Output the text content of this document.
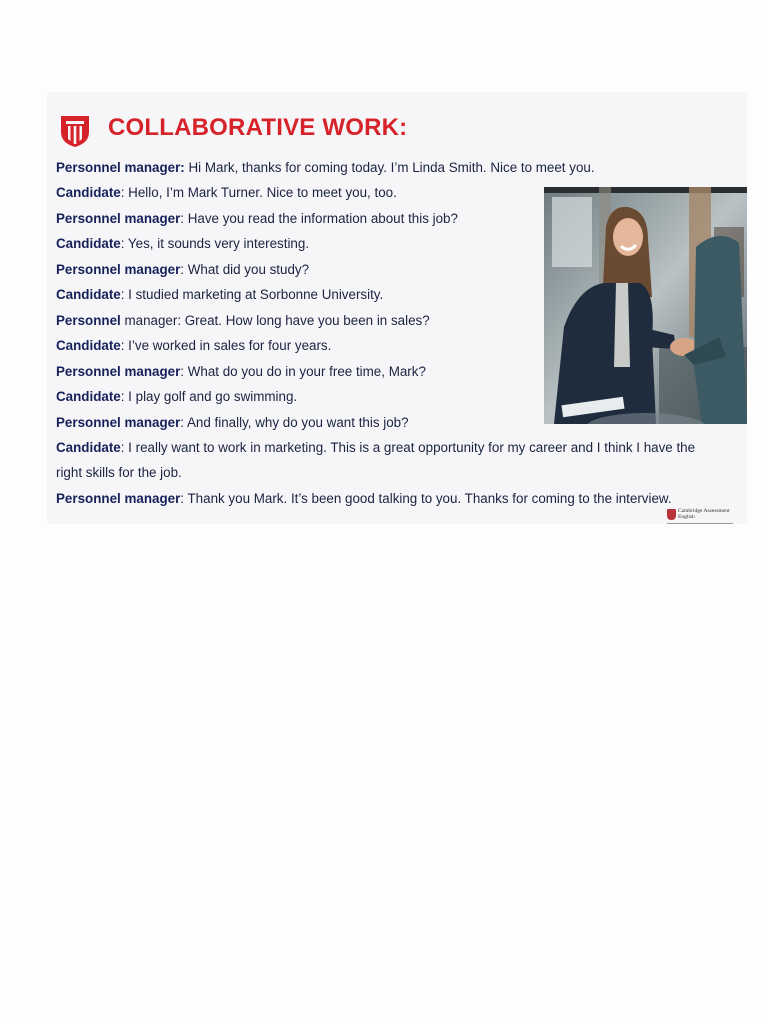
COLLABORATIVE WORK:
Personnel manager: Hi Mark, thanks for coming today. I’m Linda Smith. Nice to meet you.
Candidate: Hello, I’m Mark Turner. Nice to meet you, too.
Personnel manager: Have you read the information about this job?
Candidate: Yes, it sounds very interesting.
Personnel manager: What did you study?
Candidate: I studied marketing at Sorbonne University.
Personnel manager: Great. How long have you been in sales?
Candidate: I’ve worked in sales for four years.
Personnel manager: What do you do in your free time, Mark?
Candidate: I play golf and go swimming.
Personnel manager: And finally, why do you want this job?
Candidate: I really want to work in marketing. This is a great opportunity for my career and I think I have the
right skills for the job.
Personnel manager: Thank you Mark. It’s been good talking to you. Thanks for coming to the interview.
Cambridge Assessment
English
